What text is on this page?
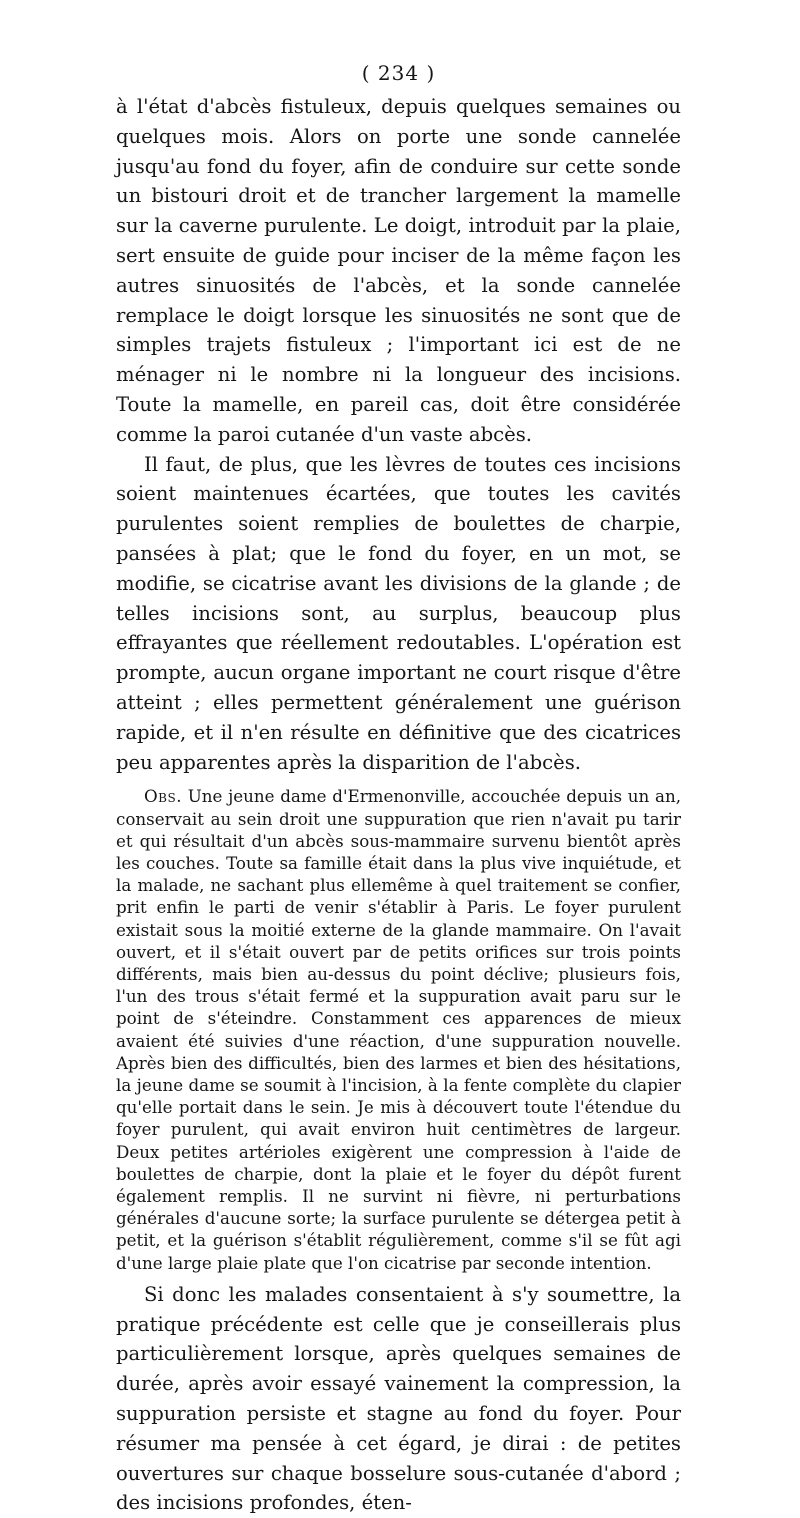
( 234 )

à l'état d'abcès fistuleux, depuis quelques semaines ou quelques mois. Alors on porte une sonde cannelée jusqu'au fond du foyer, afin de conduire sur cette sonde un bistouri droit et de trancher largement la mamelle sur la caverne purulente. Le doigt, introduit par la plaie, sert ensuite de guide pour inciser de la même façon les autres sinuosités de l'abcès, et la sonde cannelée remplace le doigt lorsque les sinuosités ne sont que de simples trajets fistuleux ; l'important ici est de ne ménager ni le nombre ni la longueur des incisions. Toute la mamelle, en pareil cas, doit être considérée comme la paroi cutanée d'un vaste abcès.

Il faut, de plus, que les lèvres de toutes ces incisions soient maintenues écartées, que toutes les cavités purulentes soient remplies de boulettes de charpie, pansées à plat; que le fond du foyer, en un mot, se modifie, se cicatrise avant les divisions de la glande ; de telles incisions sont, au surplus, beaucoup plus effrayantes que réellement redoutables. L'opération est prompte, aucun organe important ne court risque d'être atteint ; elles permettent généralement une guérison rapide, et il n'en résulte en définitive que des cicatrices peu apparentes après la disparition de l'abcès.

Obs. Une jeune dame d'Ermenonville, accouchée depuis un an, conservait au sein droit une suppuration que rien n'avait pu tarir et qui résultait d'un abcès sous-mammaire survenu bientôt après les couches. Toute sa famille était dans la plus vive inquiétude, et la malade, ne sachant plus ellemême à quel traitement se confier, prit enfin le parti de venir s'établir à Paris. Le foyer purulent existait sous la moitié externe de la glande mammaire. On l'avait ouvert, et il s'était ouvert par de petits orifices sur trois points différents, mais bien au-dessus du point déclive; plusieurs fois, l'un des trous s'était fermé et la suppuration avait paru sur le point de s'éteindre. Constamment ces apparences de mieux avaient été suivies d'une réaction, d'une suppuration nouvelle. Après bien des difficultés, bien des larmes et bien des hésitations, la jeune dame se soumit à l'incision, à la fente complète du clapier qu'elle portait dans le sein. Je mis à découvert toute l'étendue du foyer purulent, qui avait environ huit centimètres de largeur. Deux petites artérioles exigèrent une compression à l'aide de boulettes de charpie, dont la plaie et le foyer du dépôt furent également remplis. Il ne survint ni fièvre, ni perturbations générales d'aucune sorte; la surface purulente se détergea petit à petit, et la guérison s'établit régulièrement, comme s'il se fût agi d'une large plaie plate que l'on cicatrise par seconde intention.

Si donc les malades consentaient à s'y soumettre, la pratique précédente est celle que je conseillerais plus particulièrement lorsque, après quelques semaines de durée, après avoir essayé vainement la compression, la suppuration persiste et stagne au fond du foyer. Pour résumer ma pensée à cet égard, je dirai : de petites ouvertures sur chaque bosselure sous-cutanée d'abord ; des incisions profondes, éten-
